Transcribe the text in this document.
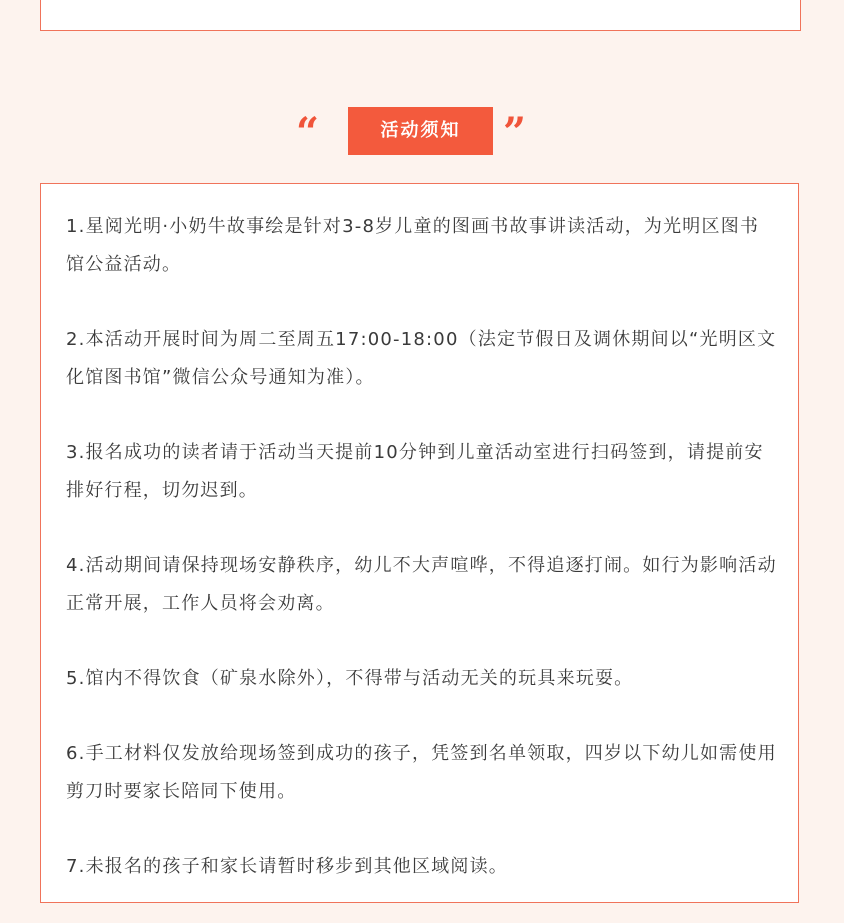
“	活动须知	”
1.星阅光明·小奶牛故事绘是针对3-8岁儿童的图画书故事讲读活动，为光明区图书馆公益活动。
2.本活动开展时间为周二至周五17:00-18:00（法定节假日及调休期间以“光明区文化馆图书馆”微信公众号通知为准）。
3.报名成功的读者请于活动当天提前10分钟到儿童活动室进行扫码签到，请提前安排好行程，切勿迟到。
4.活动期间请保持现场安静秩序，幼儿不大声喧哗，不得追逐打闹。如行为影响活动正常开展，工作人员将会劝离。
5.馆内不得饮食（矿泉水除外），不得带与活动无关的玩具来玩耍。
6.手工材料仅发放给现场签到成功的孩子，凭签到名单领取，四岁以下幼儿如需使用剪刀时要家长陪同下使用。
7.未报名的孩子和家长请暂时移步到其他区域阅读。
